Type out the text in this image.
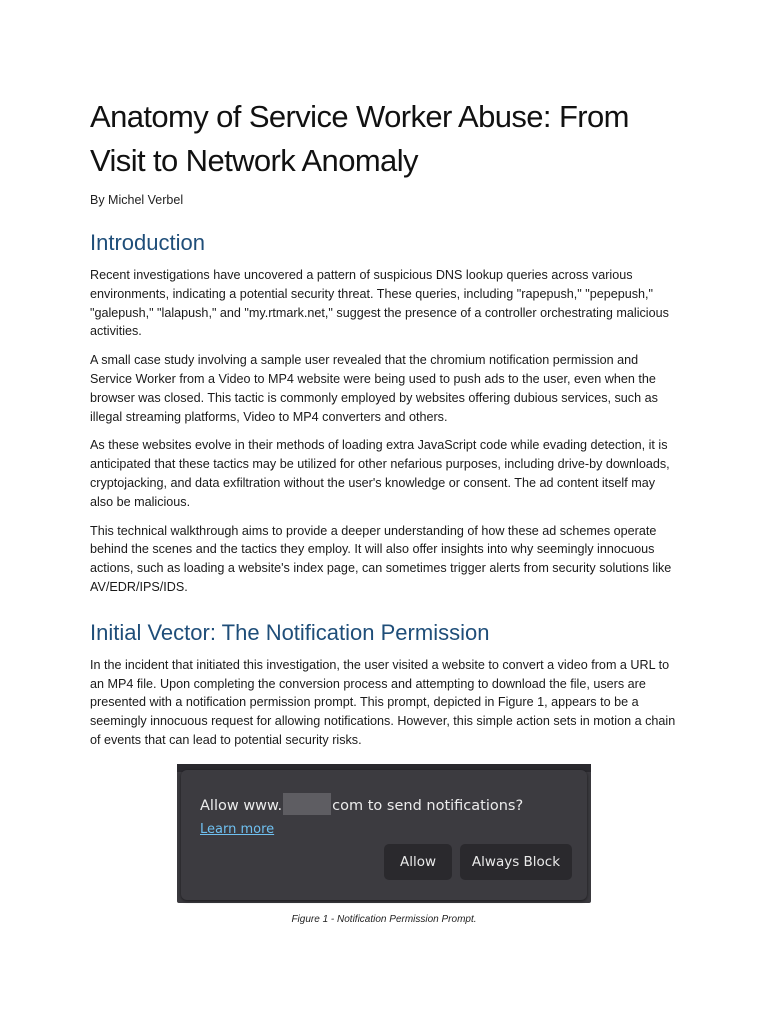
Anatomy of Service Worker Abuse: From Visit to Network Anomaly
By Michel Verbel
Introduction

Recent investigations have uncovered a pattern of suspicious DNS lookup queries across various environments, indicating a potential security threat. These queries, including "rapepush," "pepepush," "galepush," "lalapush," and "my.rtmark.net," suggest the presence of a controller orchestrating malicious activities.

A small case study involving a sample user revealed that the chromium notification permission and Service Worker from a Video to MP4 website were being used to push ads to the user, even when the browser was closed. This tactic is commonly employed by websites offering dubious services, such as illegal streaming platforms, Video to MP4 converters and others.

As these websites evolve in their methods of loading extra JavaScript code while evading detection, it is anticipated that these tactics may be utilized for other nefarious purposes, including drive-by downloads, cryptojacking, and data exfiltration without the user's knowledge or consent. The ad content itself may also be malicious.

This technical walkthrough aims to provide a deeper understanding of how these ad schemes operate behind the scenes and the tactics they employ. It will also offer insights into why seemingly innocuous actions, such as loading a website's index page, can sometimes trigger alerts from security solutions like AV/EDR/IPS/IDS.

Initial Vector: The Notification Permission

In the incident that initiated this investigation, the user visited a website to convert a video from a URL to an MP4 file. Upon completing the conversion process and attempting to download the file, users are presented with a notification permission prompt. This prompt, depicted in Figure 1, appears to be a seemingly innocuous request for allowing notifications. However, this simple action sets in motion a chain of events that can lead to potential security risks.

Allow www.	com to send notifications?
Learn more
Allow	Always Block
Figure 1 - Notification Permission Prompt.
